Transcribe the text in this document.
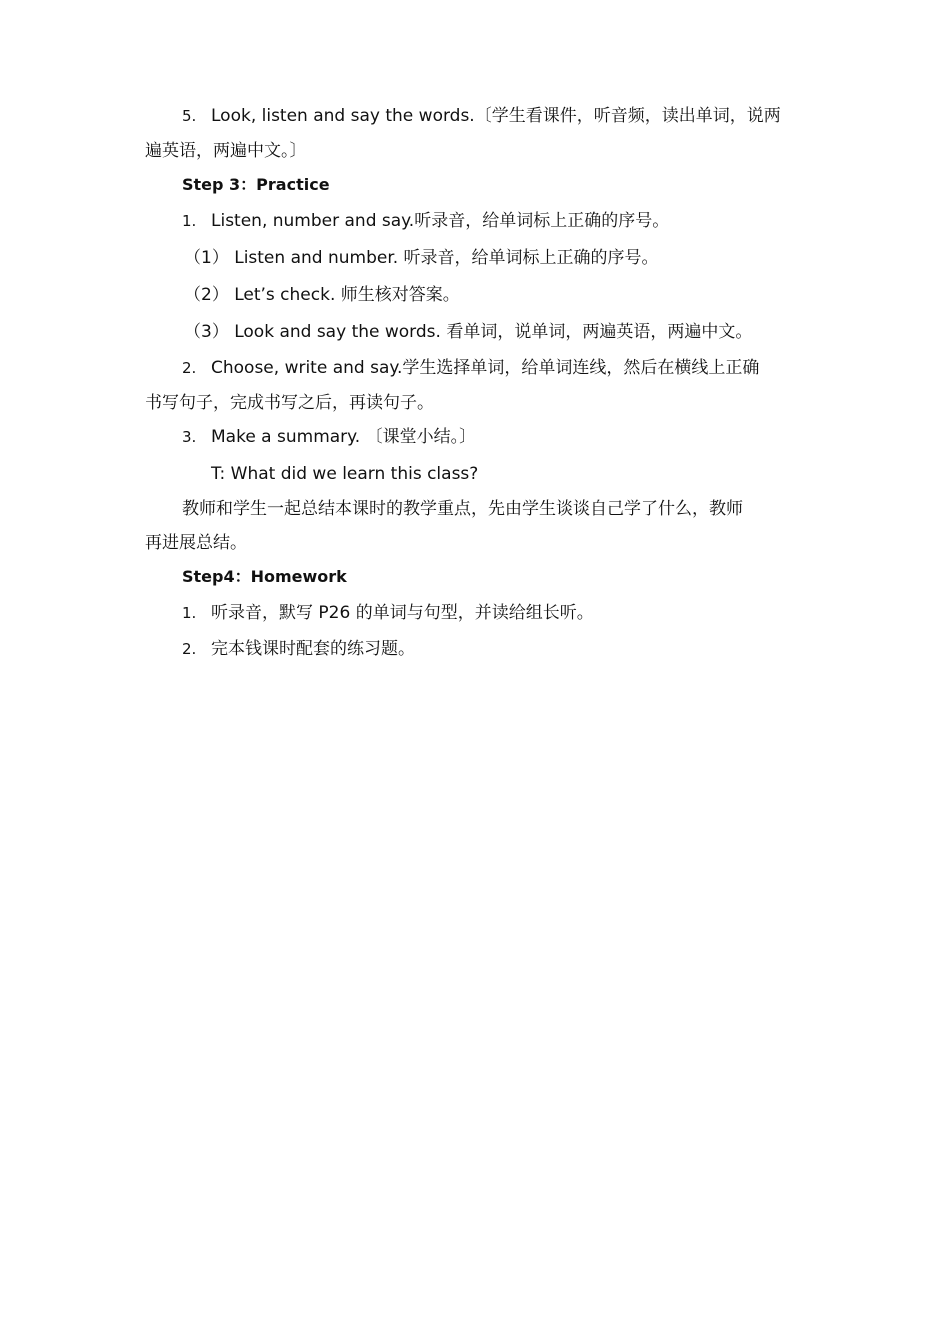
5. Look, listen and say the words.〔学生看课件，听音频，读出单词，说两
遍英语，两遍中文。〕
Step 3：Practice
1. Listen, number and say.听录音，给单词标上正确的序号。
（1） Listen and number. 听录音，给单词标上正确的序号。
（2） Let’s check. 师生核对答案。
（3） Look and say the words. 看单词，说单词，两遍英语，两遍中文。
2. Choose, write and say.学生选择单词，给单词连线，然后在横线上正确
书写句子，完成书写之后，再读句子。
3. Make a summary. 〔课堂小结。〕
T: What did we learn this class?
教师和学生一起总结本课时的教学重点，先由学生谈谈自己学了什么，教师
再进展总结。
Step4：Homework
1. 听录音，默写 P26 的单词与句型，并读给组长听。
2. 完本钱课时配套的练习题。
